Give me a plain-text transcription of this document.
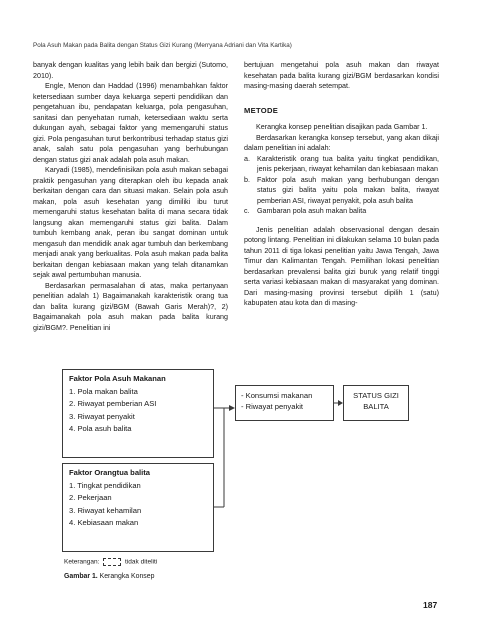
Pola Asuh Makan pada Balita dengan Status Gizi Kurang (Merryana Adriani dan Vita Kartika)

banyak dengan kualitas yang lebih baik dan bergizi (Sutomo, 2010).

Engle, Menon dan Haddad (1996) menambahkan faktor ketersediaan sumber daya keluarga seperti pendidikan dan pengetahuan ibu, pendapatan keluarga, pola pengasuhan, sanitasi dan penyehatan rumah, ketersediaan waktu serta dukungan ayah, sebagai faktor yang memengaruhi status gizi. Pola pengasuhan turut berkontribusi terhadap status gizi anak, salah satu pola pengasuhan yang berhubungan dengan status gizi anak adalah pola asuh makan.

Karyadi (1985), mendefinisikan pola asuh makan sebagai praktik pengasuhan yang diterapkan oleh ibu kepada anak berkaitan dengan cara dan situasi makan. Selain pola asuh makan, pola asuh kesehatan yang dimiliki ibu turut memengaruhi status kesehatan balita di mana secara tidak langsung akan memengaruhi status gizi balita. Dalam tumbuh kembang anak, peran ibu sangat dominan untuk mengasuh dan mendidik anak agar tumbuh dan berkembang menjadi anak yang berkualitas. Pola asuh makan pada balita berkaitan dengan kebiasaan makan yang telah ditanamkan sejak awal pertumbuhan manusia.

Berdasarkan permasalahan di atas, maka pertanyaan penelitian adalah 1) Bagaimanakah karakteristik orang tua dan balita kurang gizi/BGM (Bawah Garis Merah)?, 2) Bagaimanakah pola asuh makan pada balita kurang gizi/BGM?. Penelitian ini

bertujuan mengetahui pola asuh makan dan riwayat kesehatan pada balita kurang gizi/BGM berdasarkan kondisi masing-masing daerah setempat.

METODE

Kerangka konsep penelitian disajikan pada Gambar 1.

Berdasarkan kerangka konsep tersebut, yang akan dikaji dalam penelitian ini adalah:

a. Karakteristik orang tua balita yaitu tingkat pendidikan, jenis pekerjaan, riwayat kehamilan dan kebiasaan makan
b. Faktor pola asuh makan yang berhubungan dengan status gizi balita yaitu pola makan balita, riwayat pemberian ASI, riwayat penyakit, pola asuh balita
c. Gambaran pola asuh makan balita

Jenis penelitian adalah observasional dengan desain potong lintang. Penelitian ini dilakukan selama 10 bulan pada tahun 2011 di tiga lokasi penelitian yaitu Jawa Tengah, Jawa Timur dan Kalimantan Tengah. Pemilihan lokasi penelitian berdasarkan prevalensi balita gizi buruk yang relatif tinggi serta variasi kebiasaan makan di masyarakat yang dominan. Dari masing-masing provinsi tersebut dipilih 1 (satu) kabupaten atau kota dan di masing-

Faktor Pola Asuh Makanan
1. Pola makan balita
2. Riwayat pemberian ASI
3. Riwayat penyakit
4. Pola asuh balita
Faktor Orangtua balita
1. Tingkat pendidikan
2. Pekerjaan
3. Riwayat kehamilan
4. Kebiasaan makan
- Konsumsi makanan
- Riwayat penyakit
STATUS GIZI
BALITA
Keterangan:	tidak diteliti
Gambar 1. Kerangka Konsep
187
